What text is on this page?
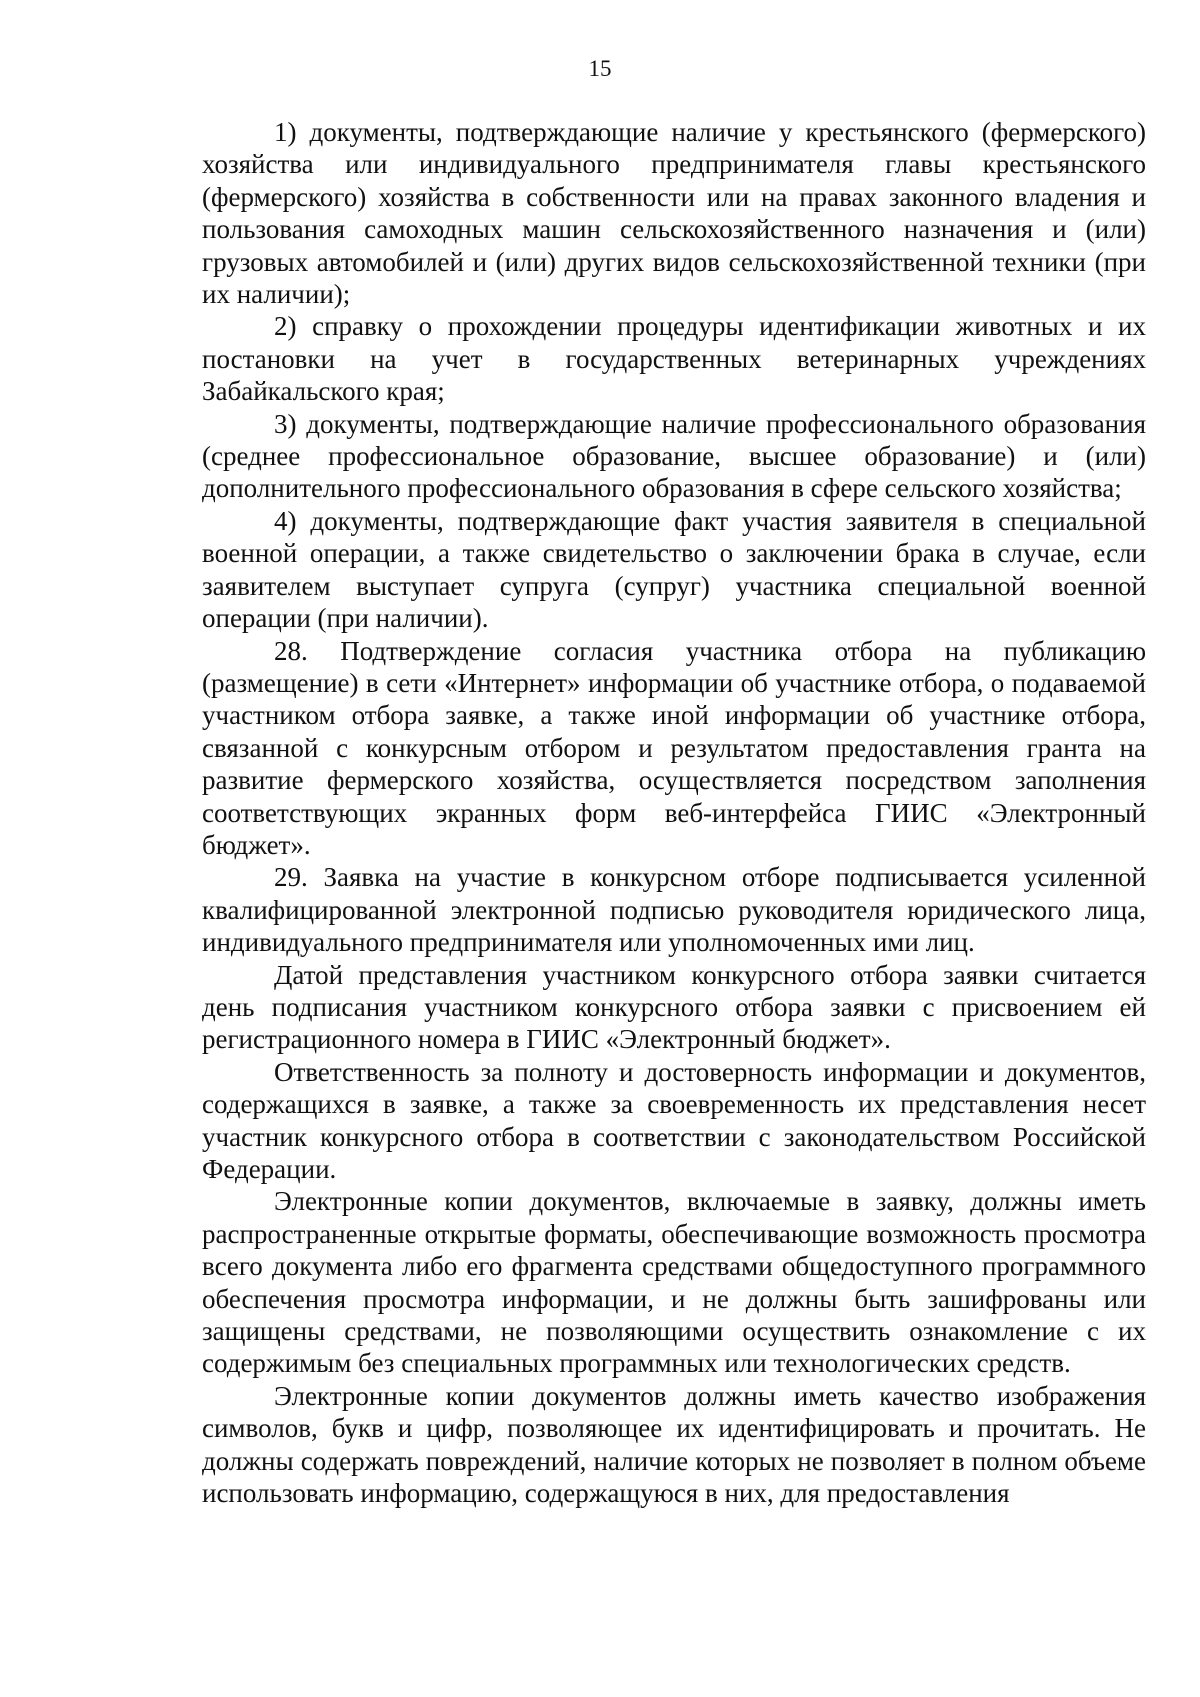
15

1) документы, подтверждающие наличие у крестьянского (фермерского) хозяйства или индивидуального предпринимателя главы крестьянского (фермерского) хозяйства в собственности или на правах законного владения и пользования самоходных машин сельскохозяйственного назначения и (или) грузовых автомобилей и (или) других видов сельскохозяйственной техники (при их наличии);

2) справку о прохождении процедуры идентификации животных и их постановки на учет в государственных ветеринарных учреждениях Забайкальского края;

3) документы, подтверждающие наличие профессионального образования (среднее профессиональное образование, высшее образование) и (или) дополнительного профессионального образования в сфере сельского хозяйства;

4) документы, подтверждающие факт участия заявителя в специальной военной операции, а также свидетельство о заключении брака в случае, если заявителем выступает супруга (супруг) участника специальной военной операции (при наличии).

28. Подтверждение согласия участника отбора на публикацию (размещение) в сети «Интернет» информации об участнике отбора, о подаваемой участником отбора заявке, а также иной информации об участнике отбора, связанной с конкурсным отбором и результатом предоставления гранта на развитие фермерского хозяйства, осуществляется посредством заполнения соответствующих экранных форм веб-интерфейса ГИИС «Электронный бюджет».

29. Заявка на участие в конкурсном отборе подписывается усиленной квалифицированной электронной подписью руководителя юридического лица, индивидуального предпринимателя или уполномоченных ими лиц.

Датой представления участником конкурсного отбора заявки считается день подписания участником конкурсного отбора заявки с присвоением ей регистрационного номера в ГИИС «Электронный бюджет».

Ответственность за полноту и достоверность информации и документов, содержащихся в заявке, а также за своевременность их представления несет участник конкурсного отбора в соответствии с законодательством Российской Федерации.

Электронные копии документов, включаемые в заявку, должны иметь распространенные открытые форматы, обеспечивающие возможность просмотра всего документа либо его фрагмента средствами общедоступного программного обеспечения просмотра информации, и не должны быть зашифрованы или защищены средствами, не позволяющими осуществить ознакомление с их содержимым без специальных программных или технологических средств.

Электронные копии документов должны иметь качество изображения символов, букв и цифр, позволяющее их идентифицировать и прочитать. Не должны содержать повреждений, наличие которых не позволяет в полном объеме использовать информацию, содержащуюся в них, для предоставления
